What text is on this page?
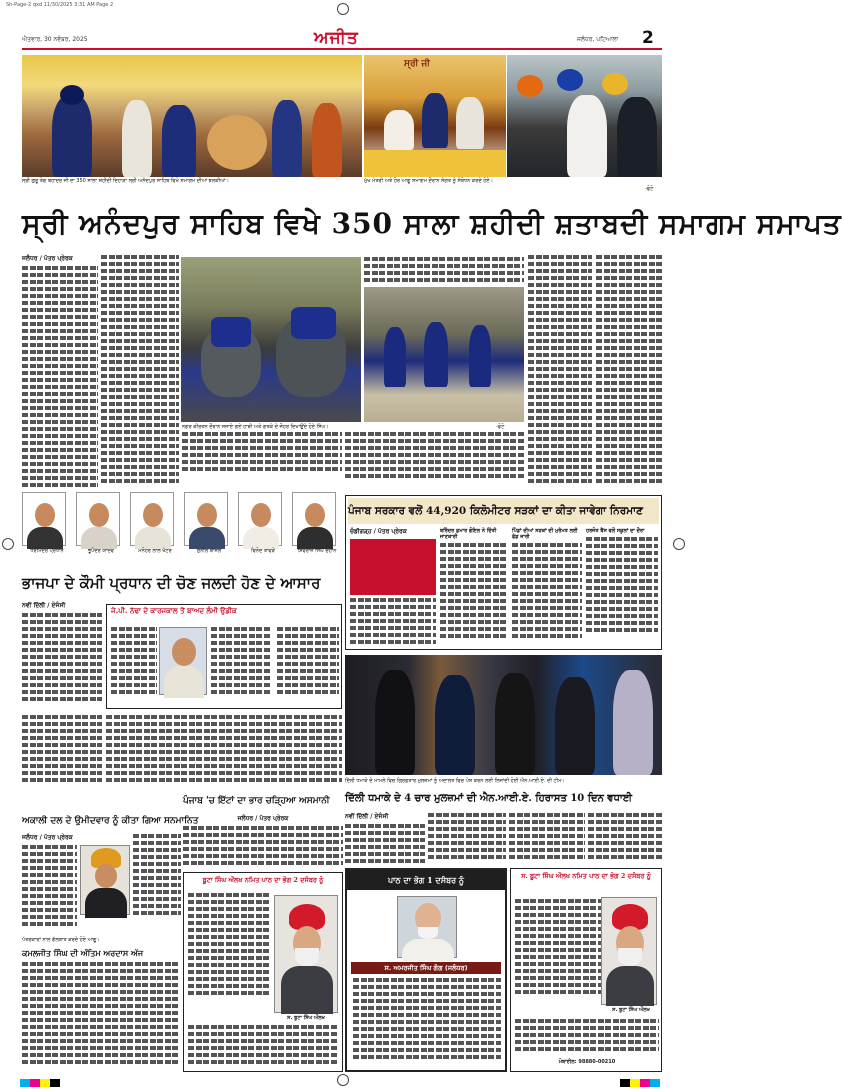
Sh-Page-2 qxd 11/30/2025 3:31 AM Page 2
ਐਤਵਾਰ, 30 ਨਵੰਬਰ, 2025	ਅਜੀਤ	ਜਲੰਧਰ, ਪਟਿਆਲਾ 2
ਸ੍ਰੀ ਜੀ
ਸ੍ਰੀ ਗੁਰੂ ਤੇਗ ਬਹਾਦਰ ਜੀ ਦਾ 350 ਸਾਲਾ ਸ਼ਹੀਦੀ ਦਿਹਾੜਾ ਸ੍ਰੀ ਅਨੰਦਪੁਰ ਸਾਹਿਬ ਵਿਖੇ ਸਮਾਗਮ ਦੀਆਂ ਝਲਕੀਆਂ।	ਮੁੱਖ ਮੰਤਰੀ ਅਤੇ ਹੋਰ ਆਗੂ ਸਮਾਗਮ ਦੌਰਾਨ ਸੰਗਤ ਨੂੰ ਸੰਬੋਧਨ ਕਰਦੇ ਹੋਏ।
-ਫੋਟੋ
ਸ੍ਰੀ ਅਨੰਦਪੁਰ ਸਾਹਿਬ ਵਿਖੇ 350 ਸਾਲਾ ਸ਼ਹੀਦੀ ਸ਼ਤਾਬਦੀ ਸਮਾਗਮ ਸਮਾਪਤ
ਜਲੰਧਰ / ਪੱਤਰ ਪ੍ਰੇਰਕ
ਨਗਰ ਕੀਰਤਨ ਦੌਰਾਨ ਸਜਾਏ ਗਏ ਹਾਥੀ ਅਤੇ ਗਤਕੇ ਦੇ ਜੌਹਰ ਦਿਖਾਉਂਦੇ ਹੋਏ ਸਿੰਘ।	-ਫੋਟੋ
ਧਰਮਿੰਦਰ ਪ੍ਰਧਾਨ	ਭੂਪੇਂਦਰ ਯਾਦਵ	ਮਨੋਹਰ ਲਾਲ ਖੱਟਰ	ਸੁਨੀਲ ਬਾਂਸਲ	ਵਿਨੋਦ ਤਾਵੜੇ	ਸ਼ਿਵਰਾਜ ਸਿੰਘ ਚੌਹਾਨ
ਭਾਜਪਾ ਦੇ ਕੌਮੀ ਪ੍ਰਧਾਨ ਦੀ ਚੋਣ ਜਲਦੀ ਹੋਣ ਦੇ ਆਸਾਰ
ਨਵੀਂ ਦਿੱਲੀ / ਏਜੰਸੀ
ਜੇ.ਪੀ. ਨੱਢਾ ਦੇ ਕਾਰਜਕਾਲ ਤੋਂ ਬਾਅਦ ਲੰਮੀ ਉਡੀਕ
ਅਕਾਲੀ ਦਲ ਦੇ ਉਮੀਦਵਾਰ ਨੂੰ ਕੀਤਾ ਗਿਆ ਸਨਮਾਨਿਤ
ਜਲੰਧਰ / ਪੱਤਰ ਪ੍ਰੇਰਕ
ਪੱਤਰਕਾਰਾਂ ਨਾਲ ਗੱਲਬਾਤ ਕਰਦੇ ਹੋਏ ਆਗੂ।
ਕਮਲਜੀਤ ਸਿੰਘ ਦੀ ਅੰਤਿਮ ਅਰਦਾਸ ਅੱਜ
ਪੰਜਾਬ 'ਚ ਇੱਟਾਂ ਦਾ ਭਾਰ ਚੜ੍ਹਿਆ ਅਸਮਾਨੀ
ਜਲੰਧਰ / ਪੱਤਰ ਪ੍ਰੇਰਕ
ਪੰਜਾਬ ਸਰਕਾਰ ਵਲੋਂ 44,920 ਕਿਲੋਮੀਟਰ ਸੜਕਾਂ ਦਾ ਕੀਤਾ ਜਾਵੇਗਾ ਨਿਰਮਾਣ
ਚੰਡੀਗੜ੍ਹ / ਪੱਤਰ ਪ੍ਰੇਰਕ	ਬਰਿੰਦਰ ਕੁਮਾਰ ਗੋਇਲ ਨੇ ਦਿੱਤੀ ਜਾਣਕਾਰੀ
ਪਿੰਡਾਂ ਦੀਆਂ ਸੜਕਾਂ ਦੀ ਮੁਰੰਮਤ ਲਈ ਫੰਡ ਜਾਰੀ
ਹਰਜੋਤ ਬੈਂਸ ਵਲੋਂ ਸਕੂਲਾਂ ਦਾ ਦੌਰਾ
ਦਿੱਲੀ ਧਮਾਕੇ ਦੇ ਮਾਮਲੇ ਵਿਚ ਗ੍ਰਿਫ਼ਤਾਰ ਮੁਲਜ਼ਮਾਂ ਨੂੰ ਅਦਾਲਤ ਵਿਚ ਪੇਸ਼ ਕਰਨ ਲਈ ਲਿਜਾਂਦੀ ਹੋਈ ਐਨ.ਆਈ.ਏ. ਦੀ ਟੀਮ।
ਦਿੱਲੀ ਧਮਾਕੇ ਦੇ 4 ਚਾਰ ਮੁਲਜ਼ਮਾਂ ਦੀ ਐਨ.ਆਈ.ਏ. ਹਿਰਾਸਤ 10 ਦਿਨ ਵਧਾਈ
ਨਵੀਂ ਦਿੱਲੀ / ਏਜੰਸੀ
ਬੂਟਾ ਸਿੰਘ ਔਲਖ ਨਮਿਤ ਪਾਠ ਦਾ ਭੋਗ 2 ਦਸੰਬਰ ਨੂੰ
ਸ. ਬੂਟਾ ਸਿੰਘ ਔਲਖ
ਪਾਠ ਦਾ ਭੋਗ 1 ਦਸੰਬਰ ਨੂੰ
ਸ. ਅਮਰਜੀਤ ਸਿੰਘ ਗੰਗ (ਜਲੰਧਰ)
ਸ. ਬੂਟਾ ਸਿੰਘ ਔਲਖ ਨਮਿਤ ਪਾਠ ਦਾ ਭੋਗ 2 ਦਸੰਬਰ ਨੂੰ
ਸ. ਬੂਟਾ ਸਿੰਘ ਔਲਖ
ਮੋਬਾਈਲ: 98880-00210
